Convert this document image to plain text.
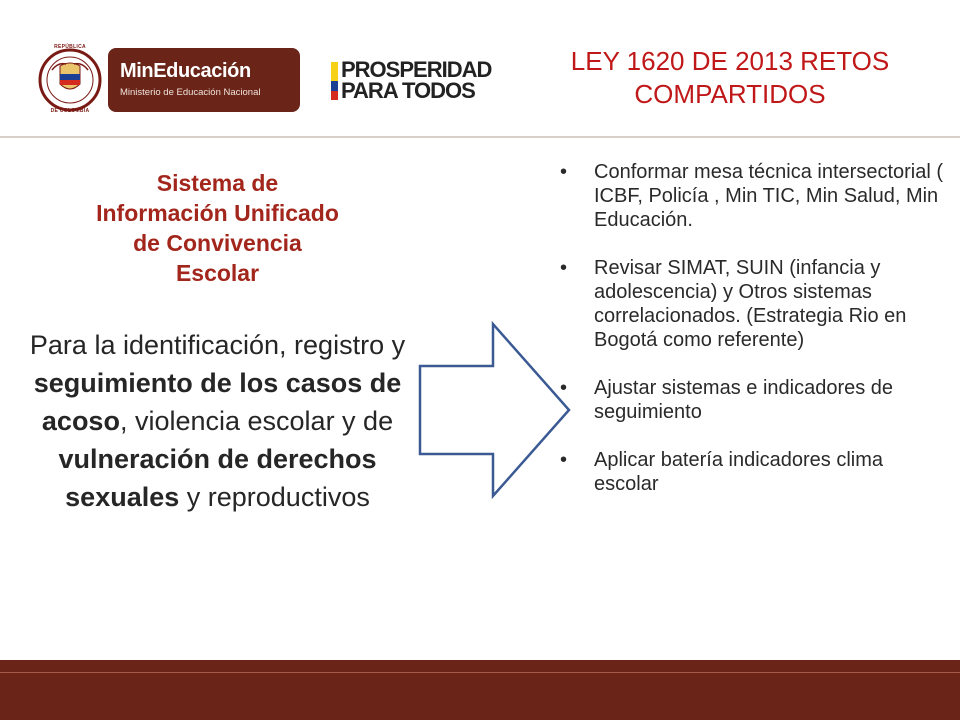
REPÚBLICA
DE COLOMBIA
MinEducación
Ministerio de Educación Nacional
PROSPERIDAD
PARA TODOS
LEY 1620 DE 2013 RETOS
COMPARTIDOS
Sistema de
Información Unificado
de Convivencia
Escolar
Para la identificación, registro y seguimiento de los casos de acoso, violencia escolar y de vulneración de derechos sexuales y reproductivos
• Conformar mesa técnica intersectorial ( ICBF, Policía , Min TIC, Min Salud, Min Educación.
• Revisar SIMAT, SUIN (infancia y adolescencia) y Otros sistemas correlacionados. (Estrategia Rio en Bogotá como referente)
• Ajustar sistemas e indicadores de seguimiento
• Aplicar batería indicadores clima escolar
